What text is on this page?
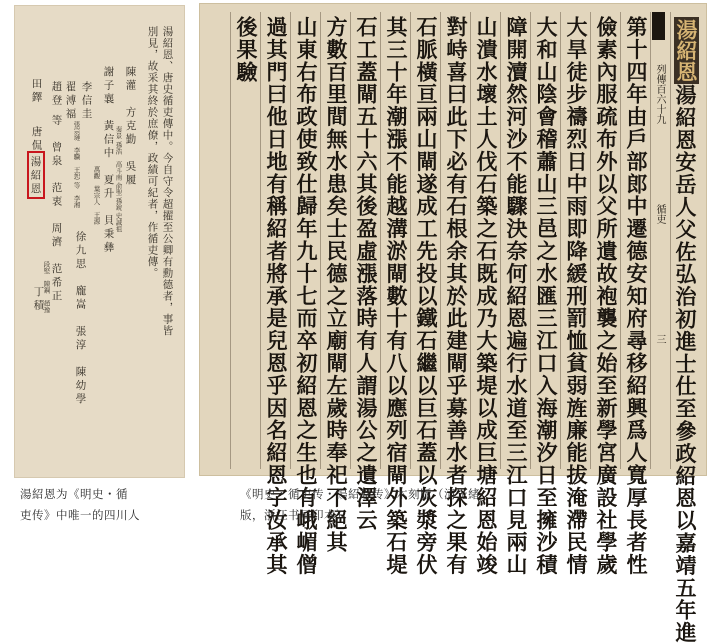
湯紹恩、唐史循吏傳中。今自守令超擢至公卿有勳德者，事皆
別見，故采其終於庶僚，政績可紀者，作循吏傳。
陳灌　方克勤　吳履
秦景 孫浩　高斗南 俞聖 孫銳 史誠祖
謝子襄　黃信中　夏升　貝秉彝
萬觀　葉宗人　王源
李信圭
張宗璉　李驥　王恕 等　李湘
翟溥福
趙登 等　曾泉　范衷　周濟　范希正
段堅　陳鋼　趙豫
丁積
田鐸
唐侃
湯紹恩
徐九思　龐嵩　張淳　陳幼學
列傳百六十九
循吏
三
湯紹恩
湯紹恩安岳人父佐弘治初進士仕至參政紹恩以嘉靖五年進
第十四年由戶部郎中遷德安知府尋移紹興爲人寬厚長者性
儉素內服疏布外以父所遺故袍襲之始至新學宮廣設社學歲
大旱徒步禱烈日中雨即降緩刑罰恤貧弱旌廉能拔淹滯民情
大和山陰會稽蕭山三邑之水匯三江口入海潮汐日至擁沙積
障開瀆然河沙不能驟決奈何紹恩遍行水道至三江口見兩山
山潰水壞土人伐石築之石既成乃大築堤以成巨塘紹恩始竣
對峙喜曰此下必有石根余其於此建閘乎募善水者探之果有
石脈橫亘兩山閘遂成工先投以鐵石繼以巨石蓋以灰漿旁伏
其三十年潮漲不能越溝淤閘數十有八以應列宿閘外築石堤
石工蓋閘五十六其後盈虛漲落時有人謂湯公之遺澤云
方數百里間無水患矣士民德之立廟閘左歲時奉祀不絕其
山東右布政使致仕歸年九十七而卒初紹恩之生也有峨嵋僧
過其門曰他日地有稱紹者將承是兒恩乎因名紹恩字汝承其
後果驗
湯紹恩为《明史・循
吏传》中唯一的四川人
《明史・循吏传・湯紹恩传》木刻版（清光緒
版，浙江书局印本）
